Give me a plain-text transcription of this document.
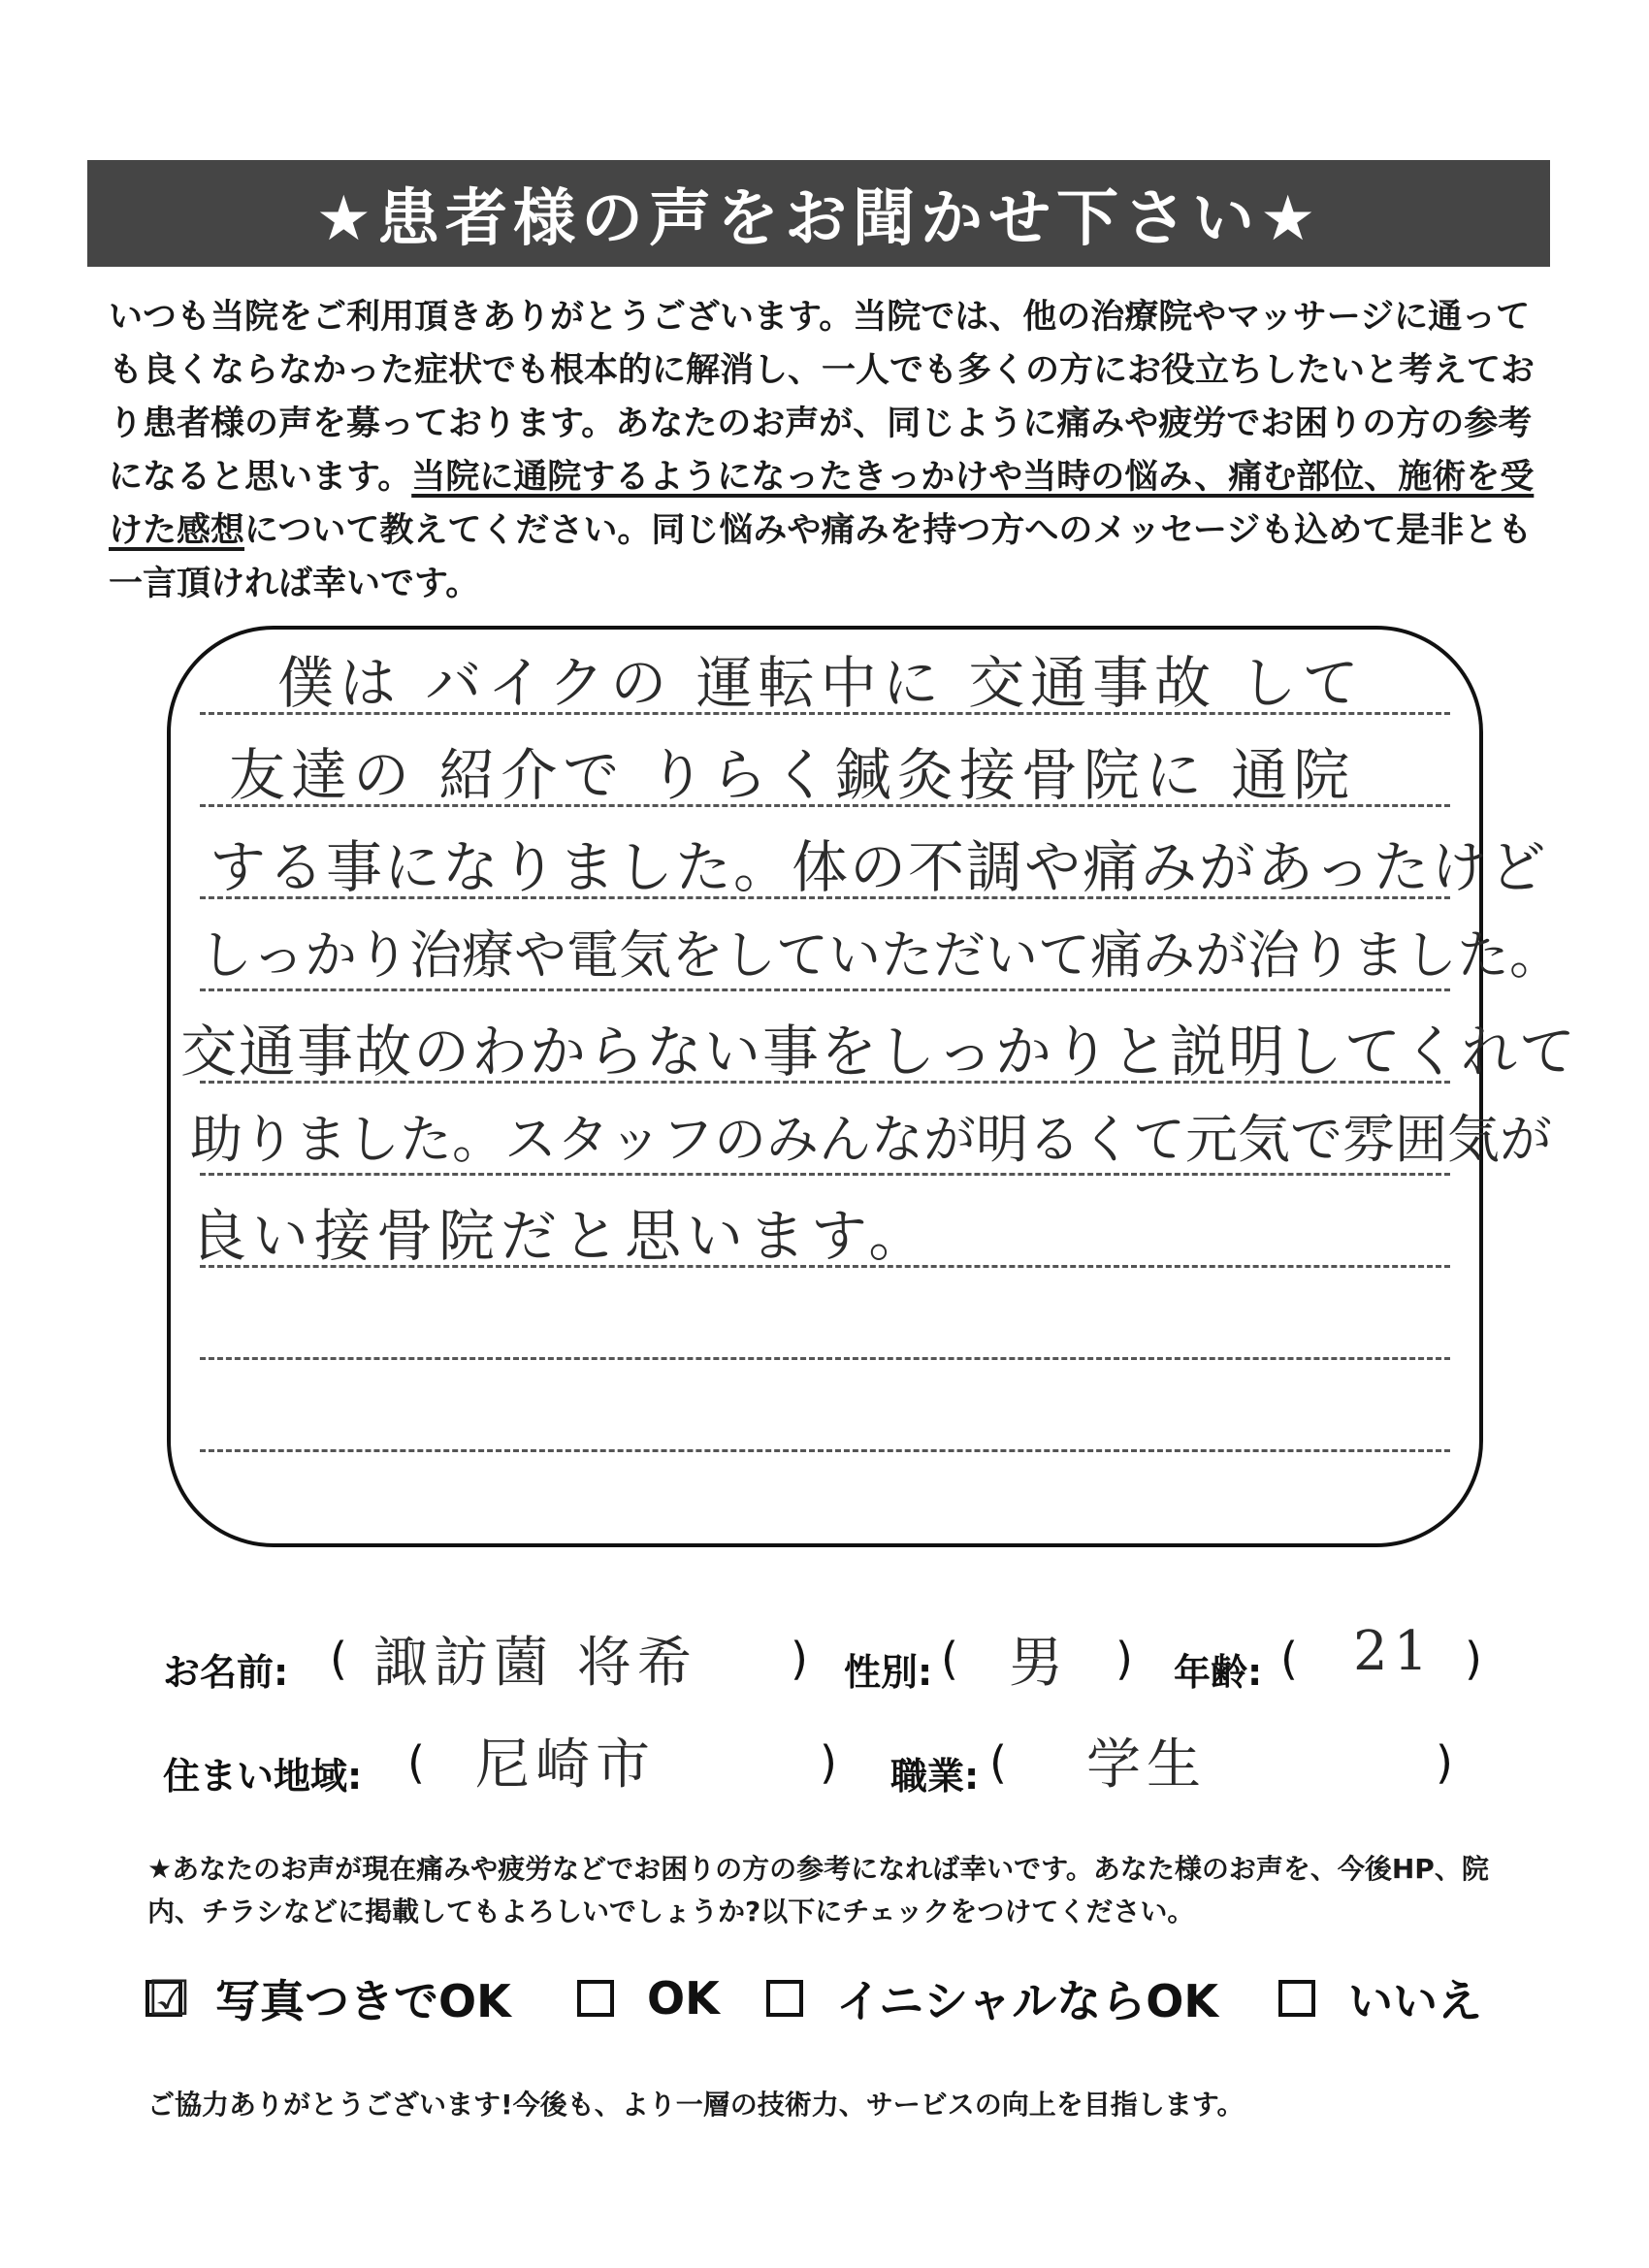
★患者様の声をお聞かせ下さい★
いつも当院をご利用頂きありがとうございます。当院では、他の治療院やマッサージに通っても良くならなかった症状でも根本的に解消し、一人でも多くの方にお役立ちしたいと考えており患者様の声を募っております。あなたのお声が、同じように痛みや疲労でお困りの方の参考になると思います。当院に通院するようになったきっかけや当時の悩み、痛む部位、施術を受けた感想について教えてください。同じ悩みや痛みを持つ方へのメッセージも込めて是非とも一言頂ければ幸いです。
僕は バイクの 運転中に 交通事故 して
友達の 紹介で りらく鍼灸接骨院に 通院
する事になりました。体の不調や痛みがあったけど
しっかり治療や電気をしていただいて痛みが治りました。
交通事故のわからない事をしっかりと説明してくれて
助りました。スタッフのみんなが明るくて元気で雰囲気が
良い接骨院だと思います。
お名前: ( 諏訪薗 将希 ) 性別: ( 男 ) 年齢: ( 21 )
住まい地域: ( 尼崎市	) 職業: ( 学生	)
★あなたのお声が現在痛みや疲労などでお困りの方の参考になれば幸いです。あなた様のお声を、今後HP、院内、チラシなどに掲載してもよろしいでしょうか?以下にチェックをつけてください。
☑ 写真つきでOK	OK	イニシャルならOK	いいえ
ご協力ありがとうございます!今後も、より一層の技術力、サービスの向上を目指します。
